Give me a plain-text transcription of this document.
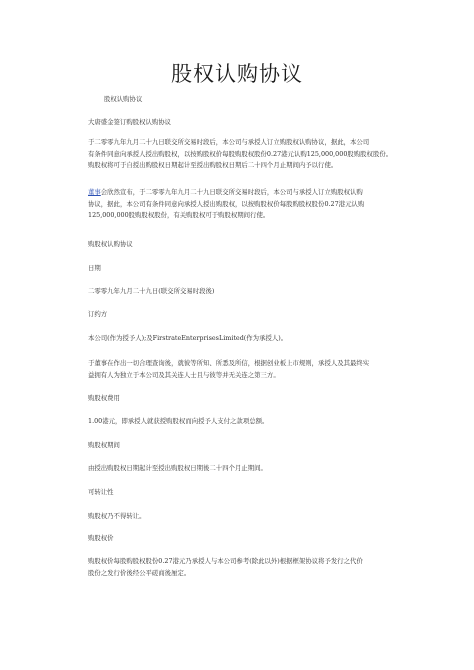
股权认购协议
股权认购协议
大唐盛金签订购股权认购协议
于二零零九年九月二十九日联交所交易时段后，本公司与承授人订立购股权认购协议，据此，本公司
有条件同意向承授人授出购股权，以按购股权价每股购股权股份0.27港元认购125,000,000股购股权股份。
购股权将可于自授出购股权日期起计至授出购股权日期后二十四个月止期间内予以行使。
董事会欣然宣布，于二零零九年九月二十九日联交所交易时段后，本公司与承授人订立购股权认购
协议，据此，本公司有条件同意向承授人授出购股权，以按购股权价每股购股权股份0.27港元认购
125,000,000股购股权股份，有关购股权可于购股权期间行使。
购股权认购协议
日期
二零零九年九月二十九日(联交所交易时段後)
订约方
本公司(作为授予人);及FirstrateEnterprisesLimited(作为承授人)。
于董事在作出一切合理查询後，就彼等所知、所悉及所信，根据创业板上市规则，承授人及其最终实
益拥有人为独立于本公司及其关连人士且与彼等并无关连之第三方。
购股权费用
1.00港元，即承授人就获授购股权而向授予人支付之款项总额。
购股权期间
由授出购股权日期起计至授出购股权日期後二十四个月止期间。
可转让性
购股权乃不得转让。
购股权价
购股权价每股购股权股份0.27港元乃承授人与本公司参考(除此以外)根据框架协议将予发行之代价
股份之发行价後经公平磋商後厘定。
